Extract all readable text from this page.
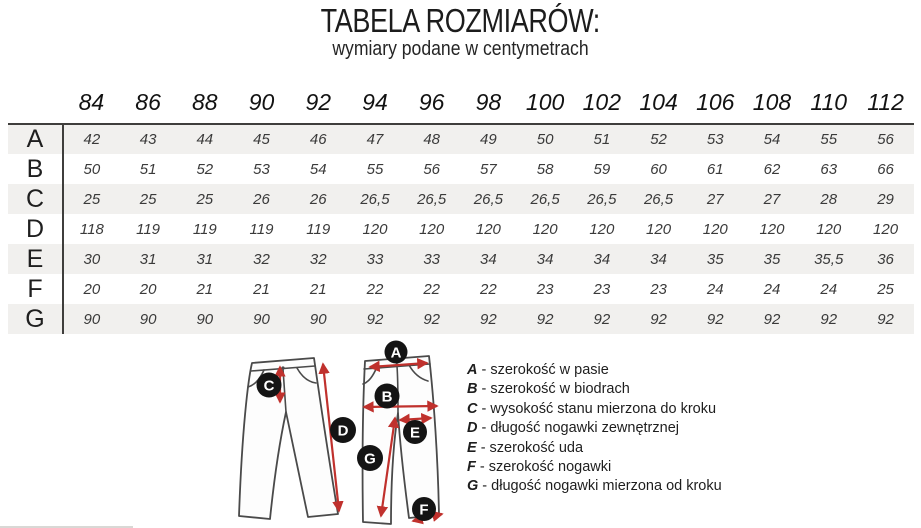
TABELA ROZMIARÓW:
wymiary podane w centymetrach
	84	86	88	90	92	94	96	98	100	102	104	106	108	110	112
A	42	43	44	45	46	47	48	49	50	51	52	53	54	55	56
B	50	51	52	53	54	55	56	57	58	59	60	61	62	63	66
C	25	25	25	26	26	26,5	26,5	26,5	26,5	26,5	26,5	27	27	28	29
D	118	119	119	119	119	120	120	120	120	120	120	120	120	120	120
E	30	31	31	32	32	33	33	34	34	34	34	35	35	35,5	36
F	20	20	21	21	21	22	22	22	23	23	23	24	24	24	25
G	90	90	90	90	90	92	92	92	92	92	92	92	92	92	92
C
D
A
B
E
G
F
A - szerokość w pasie
B - szerokość w biodrach
C - wysokość stanu mierzona do kroku
D - długość nogawki zewnętrznej
E - szerokość uda
F - szerokość nogawki
G - długość nogawki mierzona od kroku
